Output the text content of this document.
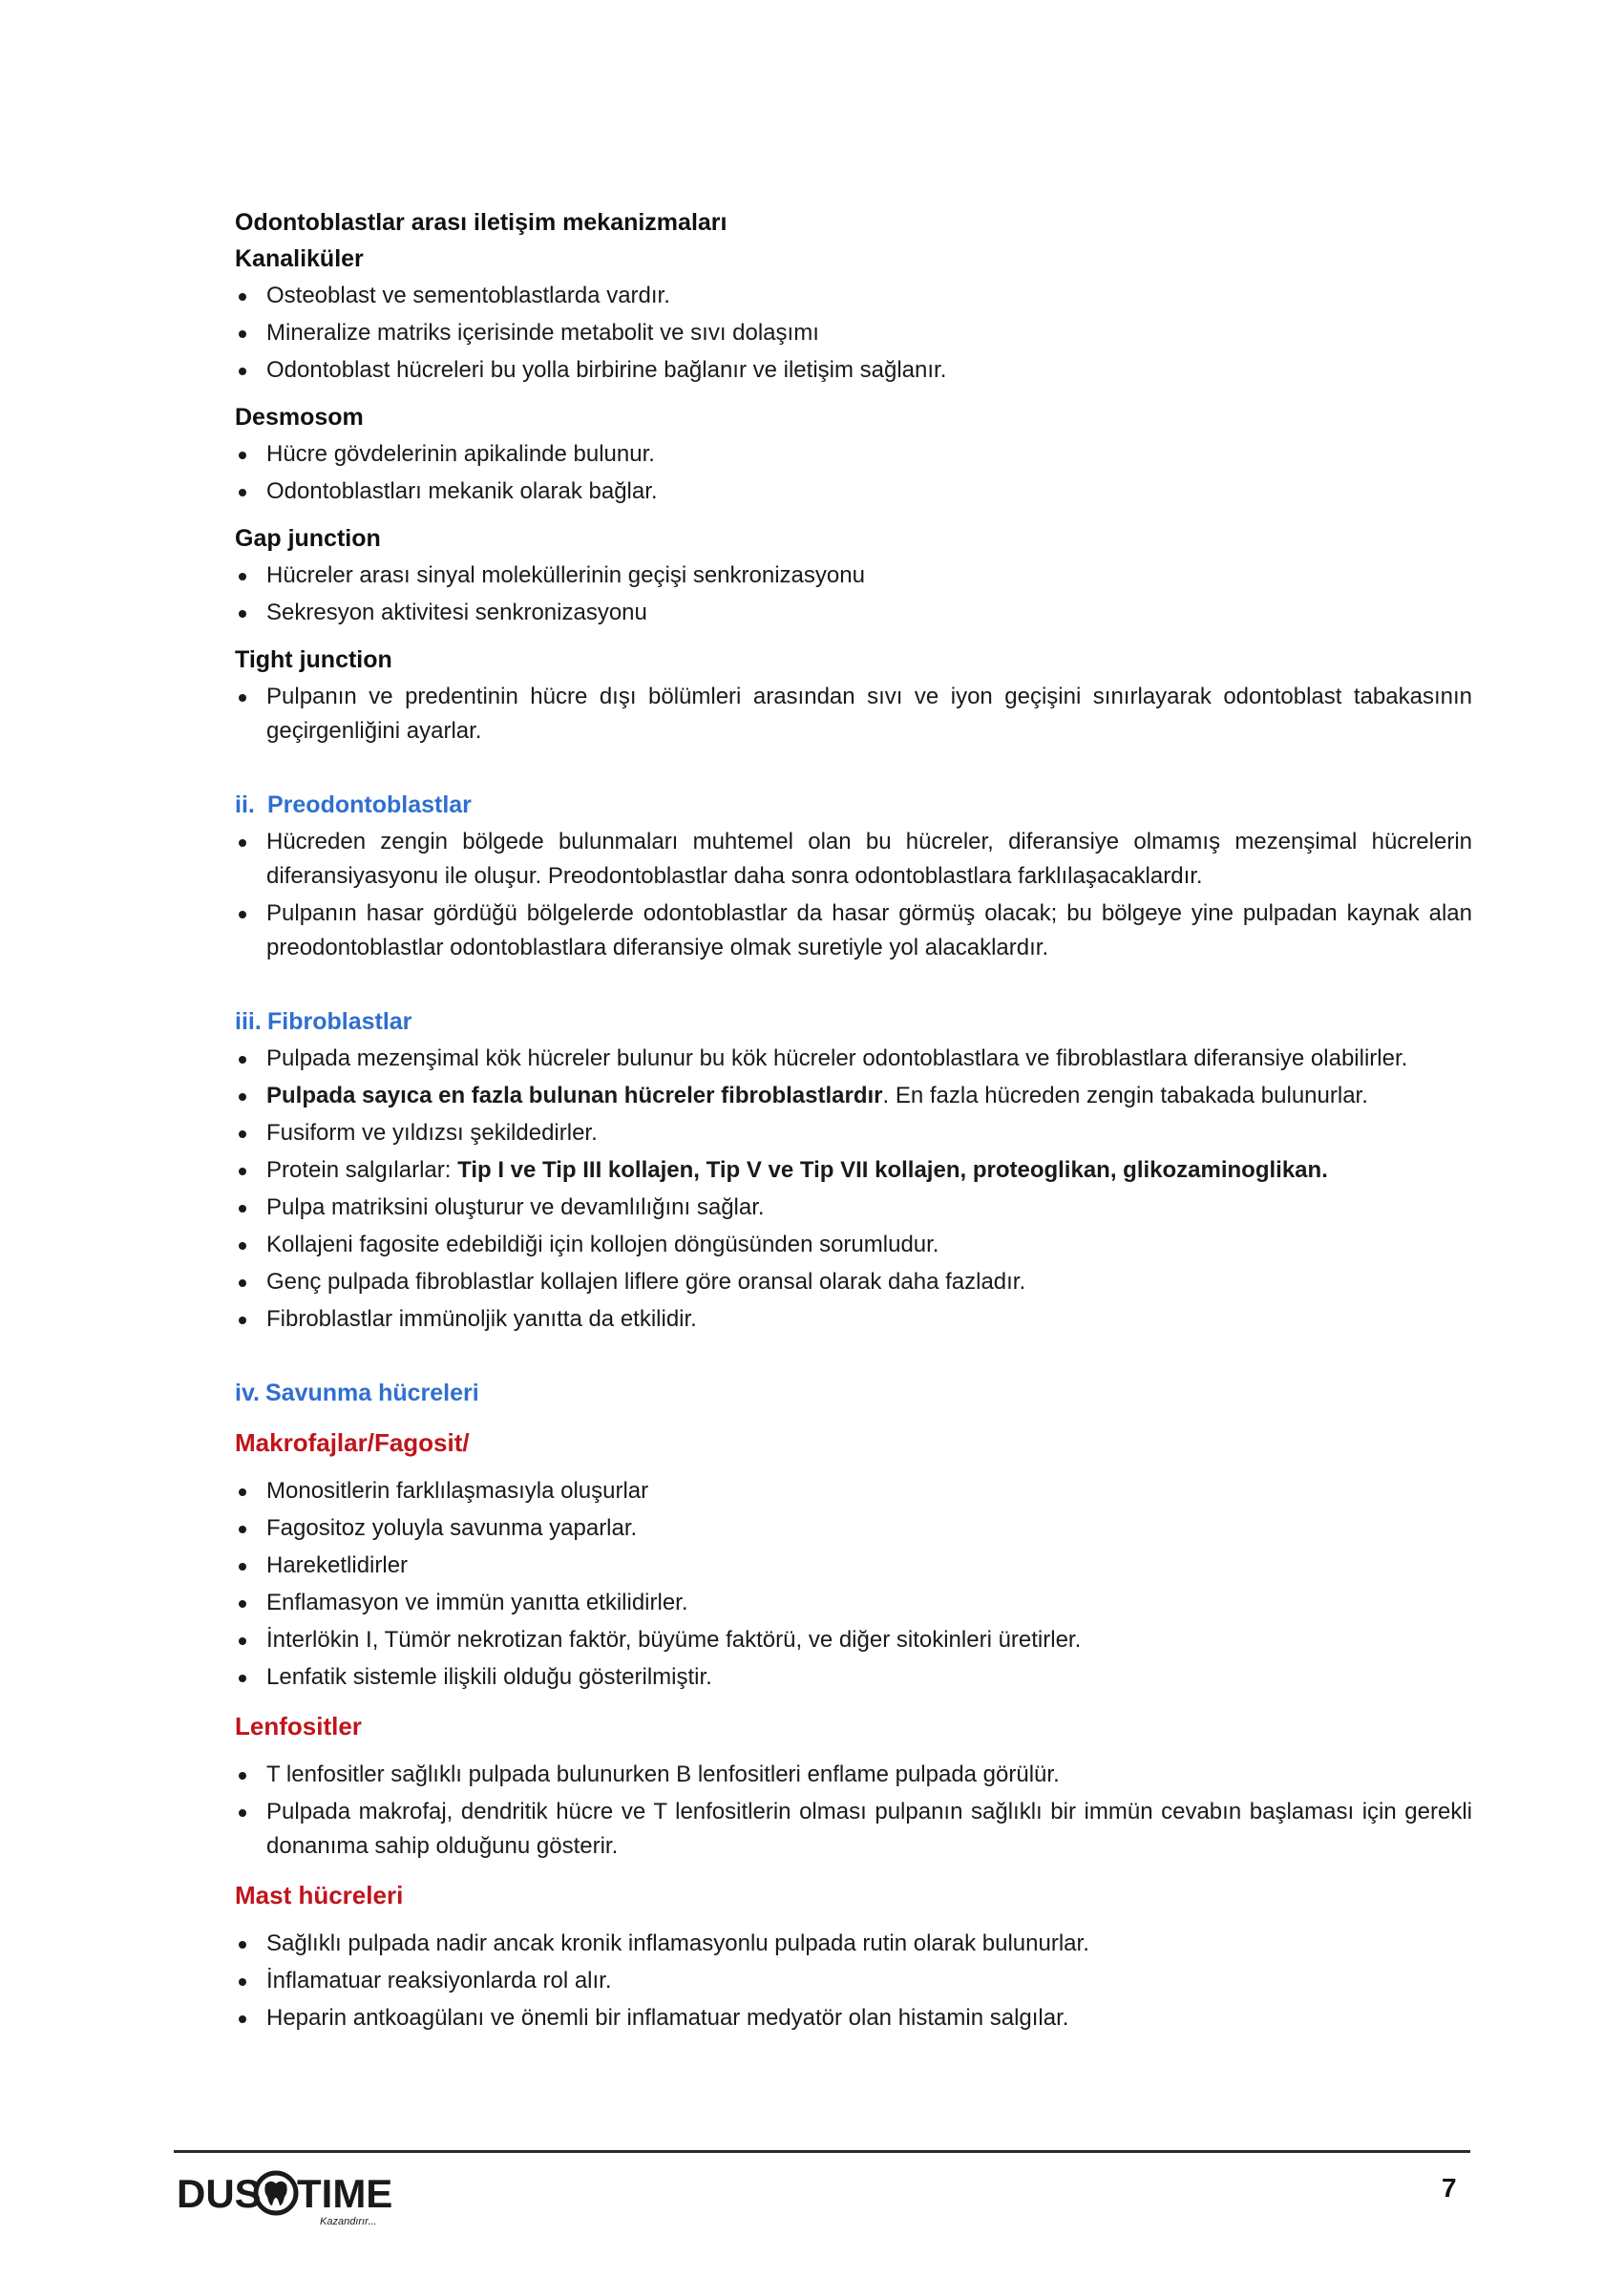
Odontoblastlar arası iletişim mekanizmaları

Kanaliküler

Osteoblast ve sementoblastlarda vardır.
Mineralize matriks içerisinde metabolit ve sıvı dolaşımı
Odontoblast hücreleri bu yolla birbirine bağlanır ve iletişim sağlanır.

Desmosom

Hücre gövdelerinin apikalinde bulunur.
Odontoblastları mekanik olarak bağlar.

Gap junction

Hücreler arası sinyal moleküllerinin geçişi senkronizasyonu
Sekresyon aktivitesi senkronizasyonu

Tight junction

Pulpanın ve predentinin hücre dışı bölümleri arasından sıvı ve iyon geçişini sınırlayarak odontoblast tabakasının geçirgenliğini ayarlar.

ii. Preodontoblastlar

Hücreden zengin bölgede bulunmaları muhtemel olan bu hücreler, diferansiye olmamış mezenşimal hücrelerin diferansiyasyonu ile oluşur. Preodontoblastlar daha sonra odontoblastlara farklılaşacaklardır.
Pulpanın hasar gördüğü bölgelerde odontoblastlar da hasar görmüş olacak; bu bölgeye yine pulpadan kaynak alan preodontoblastlar odontoblastlara diferansiye olmak suretiyle yol alacaklardır.

iii. Fibroblastlar

Pulpada mezenşimal kök hücreler bulunur bu kök hücreler odontoblastlara ve fibroblastlara diferansiye olabilirler.
Pulpada sayıca en fazla bulunan hücreler fibroblastlardır. En fazla hücreden zengin tabakada bulunurlar.
Fusiform ve yıldızsı şekildedirler.
Protein salgılarlar: Tip I ve Tip III kollajen, Tip V ve Tip VII kollajen, proteoglikan, glikozaminoglikan.
Pulpa matriksini oluşturur ve devamlılığını sağlar.
Kollajeni fagosite edebildiği için kollojen döngüsünden sorumludur.
Genç pulpada fibroblastlar kollajen liflere göre oransal olarak daha fazladır.
Fibroblastlar immünoljik yanıtta da etkilidir.

iv. Savunma hücreleri

Makrofajlar/Fagosit/

Monositlerin farklılaşmasıyla oluşurlar
Fagositoz yoluyla savunma yaparlar.
Hareketlidirler
Enflamasyon ve immün yanıtta etkilidirler.
İnterlökin I, Tümör nekrotizan faktör, büyüme faktörü, ve diğer sitokinleri üretirler.
Lenfatik sistemle ilişkili olduğu gösterilmiştir.

Lenfositler

T lenfositler sağlıklı pulpada bulunurken B lenfositleri enflame pulpada görülür.
Pulpada makrofaj, dendritik hücre ve T lenfositlerin olması pulpanın sağlıklı bir immün cevabın başlaması için gerekli donanıma sahip olduğunu gösterir.

Mast hücreleri

Sağlıklı pulpada nadir ancak kronik inflamasyonlu pulpada rutin olarak bulunurlar.
İnflamatuar reaksiyonlarda rol alır.
Heparin antkoagülanı ve önemli bir inflamatuar medyatör olan histamin salgılar.
DUS TIME
Kazandırır...
7
